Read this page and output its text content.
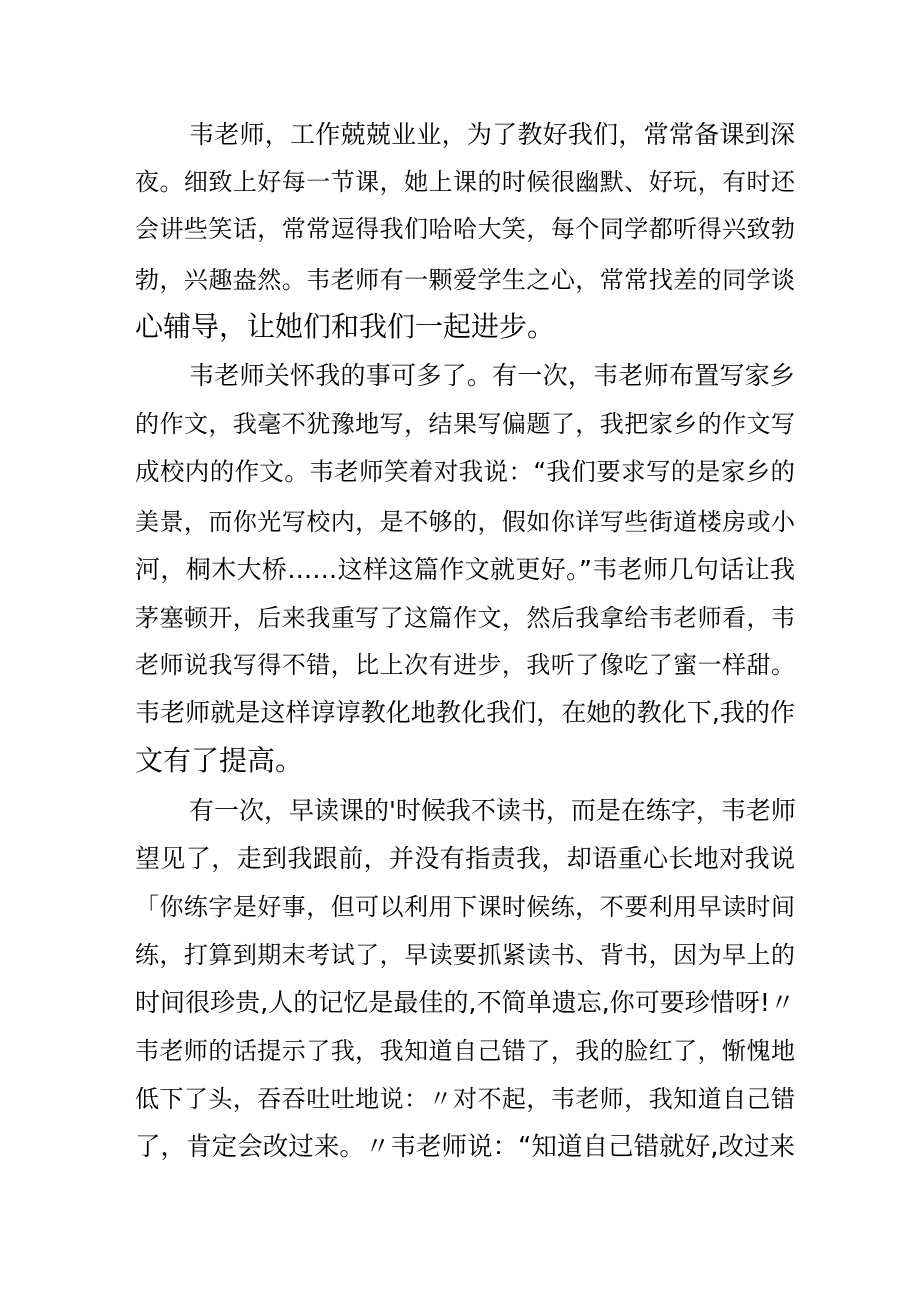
韦老师，工作兢兢业业，为了教好我们，常常备课到深
夜。细致上好每一节课，她上课的时候很幽默、好玩，有时还
会讲些笑话，常常逗得我们哈哈大笑，每个同学都听得兴致勃
勃，兴趣盎然。韦老师有一颗爱学生之心，常常找差的同学谈
心辅导，让她们和我们一起进步。
韦老师关怀我的事可多了。有一次，韦老师布置写家乡
的作文，我毫不犹豫地写，结果写偏题了，我把家乡的作文写
成校内的作文。韦老师笑着对我说：“我们要求写的是家乡的
美景，而你光写校内，是不够的，假如你详写些街道楼房或小
河，桐木大桥……这样这篇作文就更好。”韦老师几句话让我
茅塞顿开，后来我重写了这篇作文，然后我拿给韦老师看，韦
老师说我写得不错，比上次有进步，我听了像吃了蜜一样甜。
韦老师就是这样谆谆教化地教化我们，在她的教化下,我的作
文有了提高。
有一次，早读课的'时候我不读书，而是在练字，韦老师
望见了，走到我跟前，并没有指责我，却语重心长地对我说
「你练字是好事，但可以利用下课时候练，不要利用早读时间
练，打算到期末考试了，早读要抓紧读书、背书，因为早上的
时间很珍贵,人的记忆是最佳的,不简单遗忘,你可要珍惜呀!〃
韦老师的话提示了我，我知道自己错了，我的脸红了，惭愧地
低下了头，吞吞吐吐地说：〃对不起，韦老师，我知道自己错
了，肯定会改过来。〃韦老师说：“知道自己错就好,改过来
